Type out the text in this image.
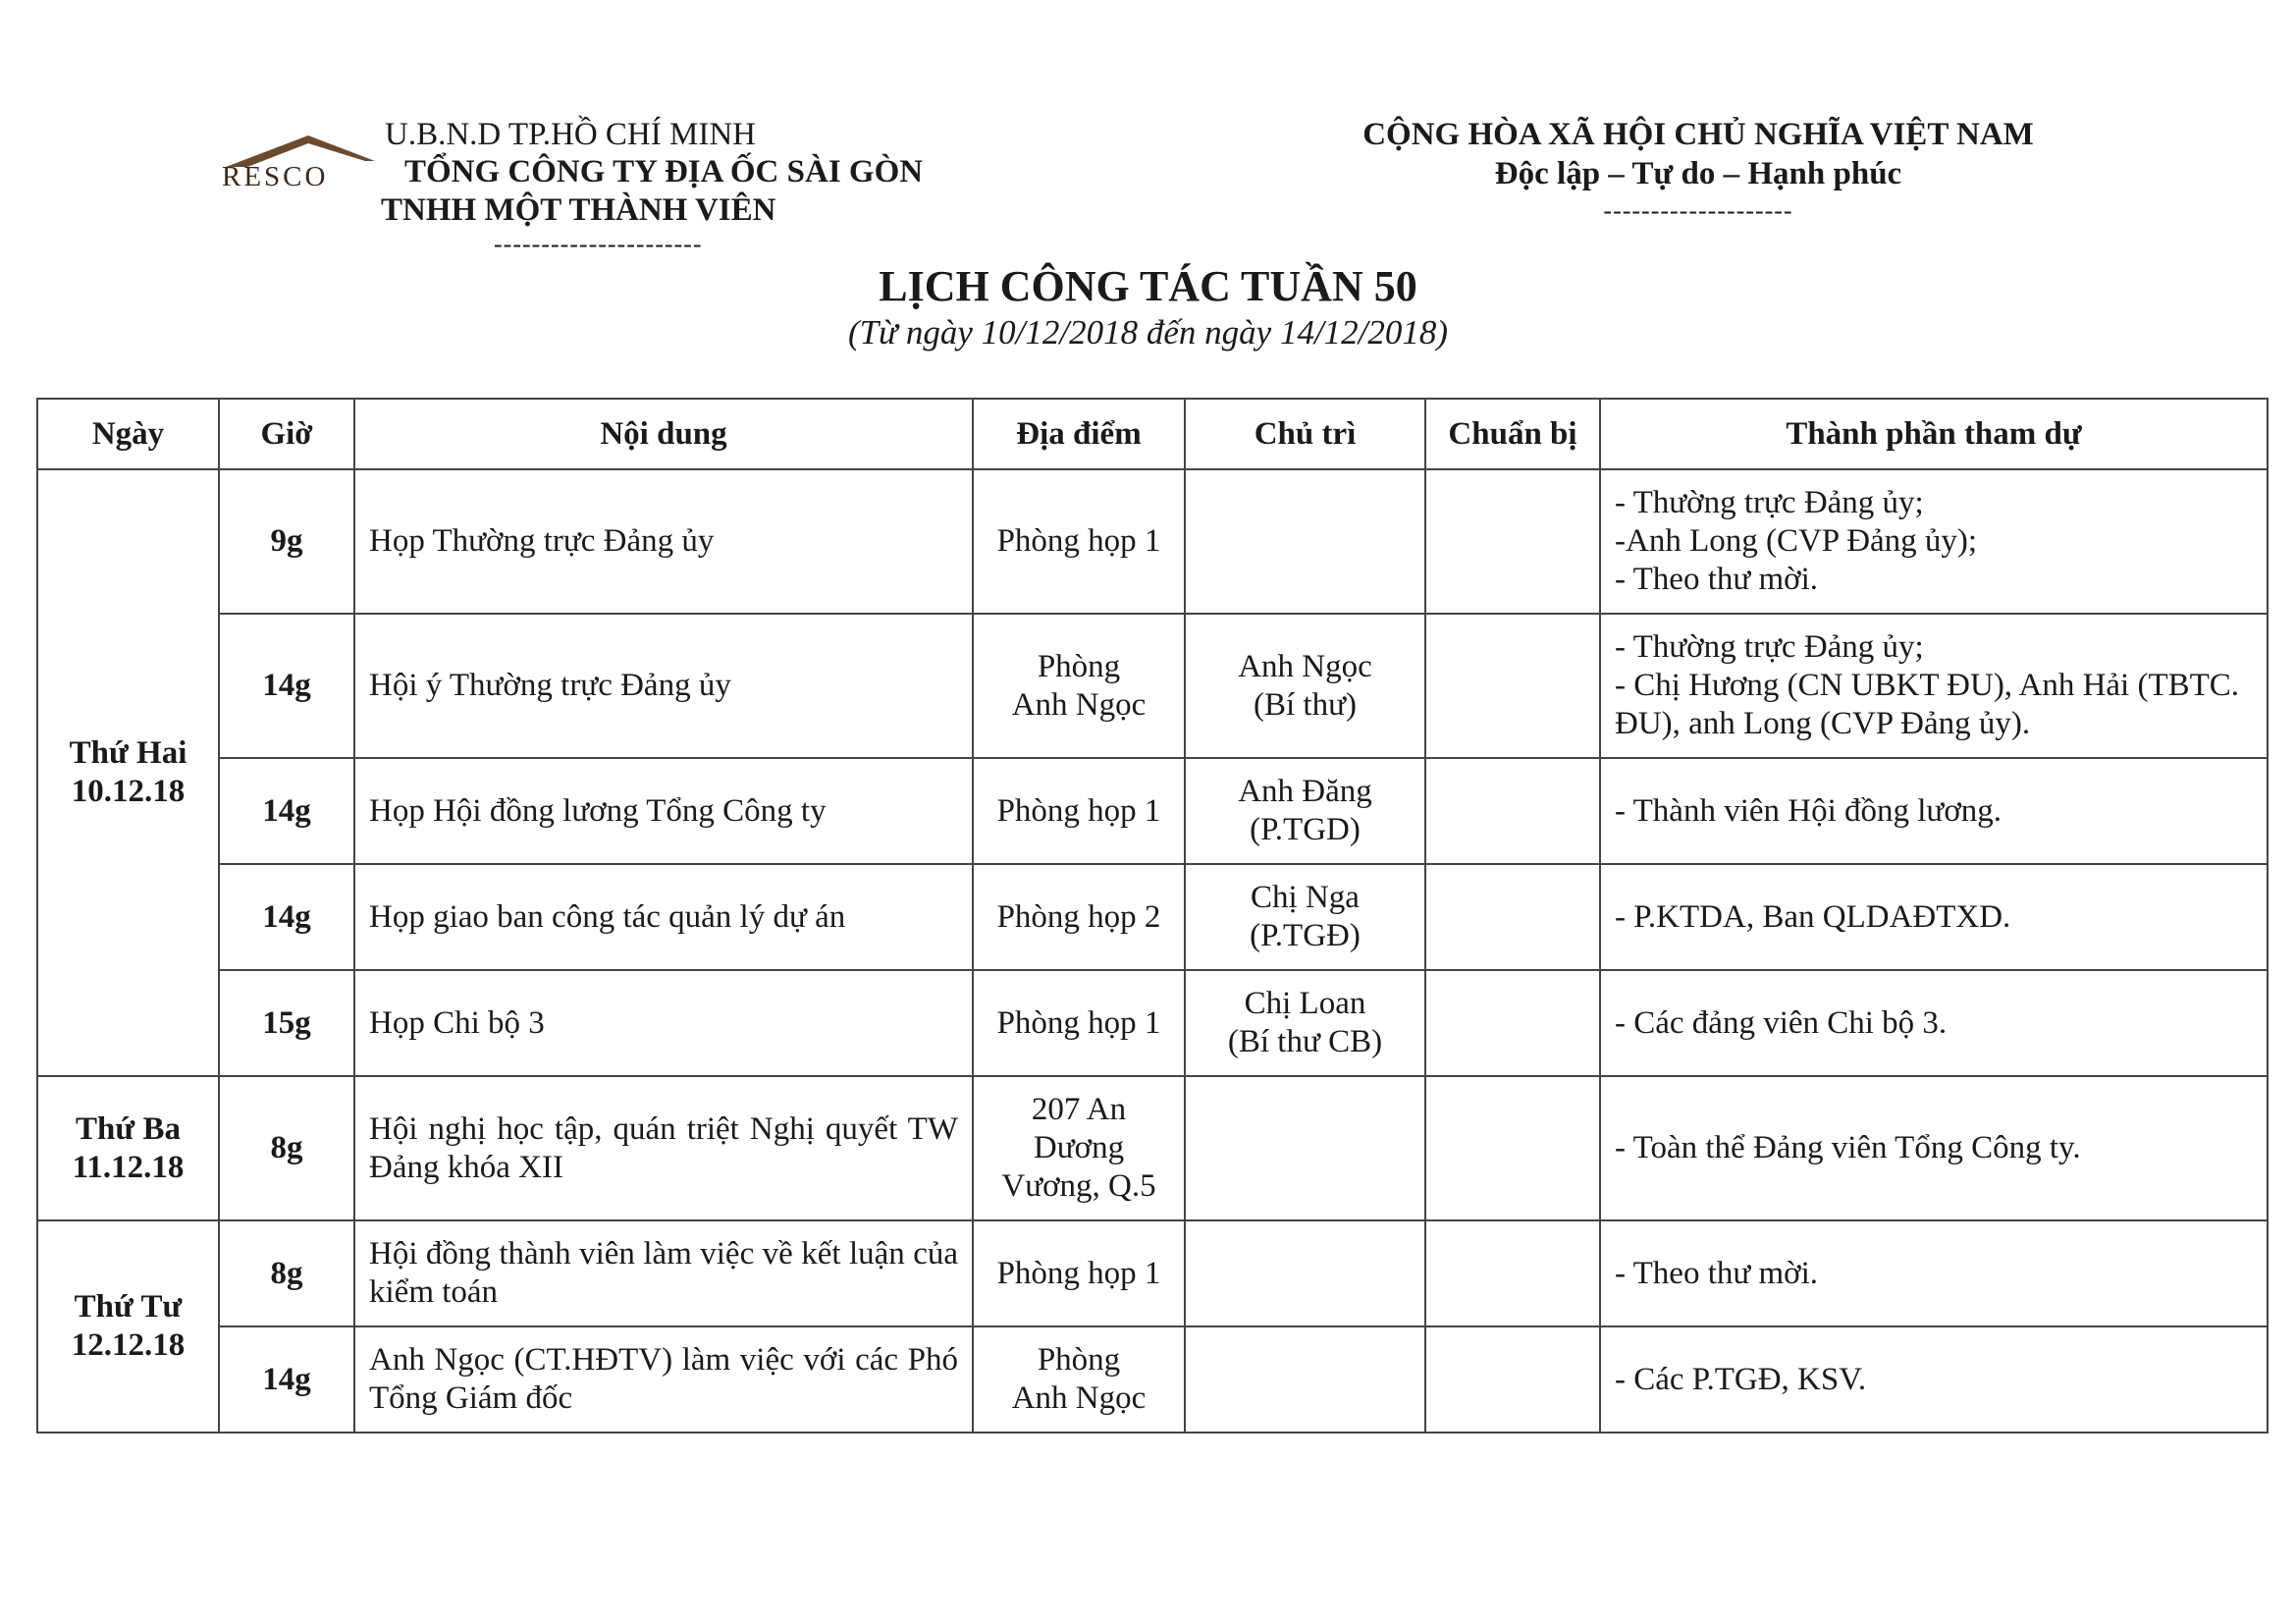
RESCO
U.B.N.D TP.HỒ CHÍ MINH
TỔNG CÔNG TY ĐỊA ỐC SÀI GÒN
TNHH MỘT THÀNH VIÊN
----------------------
CỘNG HÒA XÃ HỘI CHỦ NGHĨA VIỆT NAM
Độc lập – Tự do – Hạnh phúc
--------------------
LỊCH CÔNG TÁC TUẦN 50
(Từ ngày 10/12/2018 đến ngày 14/12/2018)
Ngày	Giờ	Nội dung	Địa điểm	Chủ trì	Chuẩn bị	Thành phần tham dự

Thứ Hai
10.12.18	9g	Họp Thường trực Đảng ủy	Phòng họp 1			- Thường trực Đảng ủy;
-Anh Long (CVP Đảng ủy);
- Theo thư mời.

	14g	Hội ý Thường trực Đảng ủy	Phòng
Anh Ngọc	Anh Ngọc
(Bí thư)		- Thường trực Đảng ủy;
- Chị Hương (CN UBKT ĐU), Anh Hải (TBTC. ĐU), anh Long (CVP Đảng ủy).

	14g	Họp Hội đồng lương Tổng Công ty	Phòng họp 1	Anh Đăng
(P.TGD)		- Thành viên Hội đồng lương.

	14g	Họp giao ban công tác quản lý dự án	Phòng họp 2	Chị Nga
(P.TGĐ)		- P.KTDA, Ban QLDAĐTXD.

	15g	Họp Chi bộ 3	Phòng họp 1	Chị Loan
(Bí thư CB)		- Các đảng viên Chi bộ 3.

Thứ Ba
11.12.18	8g	Hội nghị học tập, quán triệt Nghị quyết TW Đảng khóa XII	207 An
Dương
Vương, Q.5			- Toàn thể Đảng viên Tổng Công ty.

Thứ Tư
12.12.18	8g	Hội đồng thành viên làm việc về kết luận của kiểm toán	Phòng họp 1			- Theo thư mời.

	14g	Anh Ngọc (CT.HĐTV) làm việc với các Phó Tổng Giám đốc	Phòng
Anh Ngọc			- Các P.TGĐ, KSV.
